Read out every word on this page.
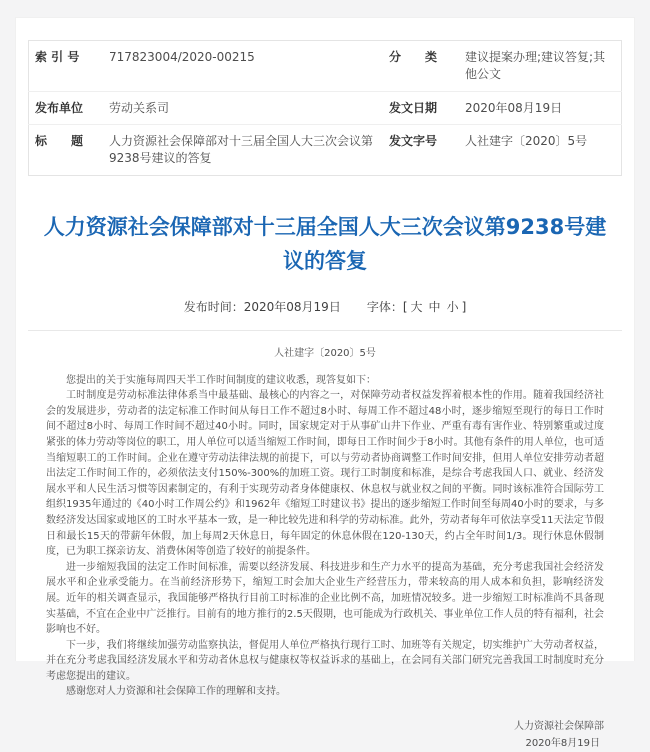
索 引 号	717823004/2020-00215	分　　类	建议提案办理;建议答复;其他公文
发布单位	劳动关系司	发文日期	2020年08月19日
标　　题	人力资源社会保障部对十三届全国人大三次会议第9238号建议的答复	发文字号	人社建字〔2020〕5号
人力资源社会保障部对十三届全国人大三次会议第9238号建议的答复
发布时间：2020年08月19日 字体：[ 大 中 小 ]
人社建字〔2020〕5号

您提出的关于实施每周四天半工作时间制度的建议收悉，现答复如下：

工时制度是劳动标准法律体系当中最基础、最核心的内容之一，对保障劳动者权益发挥着根本性的作用。随着我国经济社会的发展进步，劳动者的法定标准工作时间从每日工作不超过8小时、每周工作不超过48小时，逐步缩短至现行的每日工作时间不超过8小时、每周工作时间不超过40小时。同时，国家规定对于从事矿山井下作业、严重有毒有害作业、特别繁重或过度紧张的体力劳动等岗位的职工，用人单位可以适当缩短工作时间，即每日工作时间少于8小时。其他有条件的用人单位，也可适当缩短职工的工作时间。企业在遵守劳动法律法规的前提下，可以与劳动者协商调整工作时间安排，但用人单位安排劳动者超出法定工作时间工作的，必须依法支付150%-300%的加班工资。现行工时制度和标准，是综合考虑我国人口、就业、经济发展水平和人民生活习惯等因素制定的，有利于实现劳动者身体健康权、休息权与就业权之间的平衡。同时该标准符合国际劳工组织1935年通过的《40小时工作周公约》和1962年《缩短工时建议书》提出的逐步缩短工作时间至每周40小时的要求，与多数经济发达国家或地区的工时水平基本一致，是一种比较先进和科学的劳动标准。此外，劳动者每年可依法享受11天法定节假日和最长15天的带薪年休假，加上每周2天休息日，每年固定的休息休假在120-130天，约占全年时间1/3。现行休息休假制度，已为职工探亲访友、消费休闲等创造了较好的前提条件。

进一步缩短我国的法定工作时间标准，需要以经济发展、科技进步和生产力水平的提高为基础，充分考虑我国社会经济发展水平和企业承受能力。在当前经济形势下，缩短工时会加大企业生产经营压力，带来较高的用人成本和负担，影响经济发展。近年的相关调查显示，我国能够严格执行目前工时标准的企业比例不高，加班情况较多。进一步缩短工时标准尚不具备现实基础，不宜在企业中广泛推行。目前有的地方推行的2.5天假期，也可能成为行政机关、事业单位工作人员的特有福利，社会影响也不好。

下一步，我们将继续加强劳动监察执法，督促用人单位严格执行现行工时、加班等有关规定，切实维护广大劳动者权益，并在充分考虑我国经济发展水平和劳动者休息权与健康权等权益诉求的基础上，在会同有关部门研究完善我国工时制度时充分考虑您提出的建议。

感谢您对人力资源和社会保障工作的理解和支持。

人力资源社会保障部
2020年8月19日
